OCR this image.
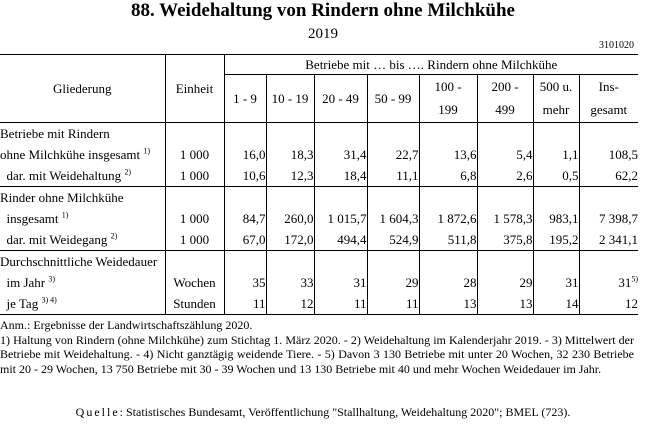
88. Weidehaltung von Rindern ohne Milchkühe
2019
3101020
Gliederung	Einheit	Betriebe mit … bis …. Rindern ohne Milchkühe							
		1 - 9	10 - 19	20 - 49	50 - 99	100 -	200 -	500 u.	Ins-
						199	499	mehr	gesamt
Betriebe mit Rindern									
ohne Milchkühe insgesamt $^{1)}$	1 000	16,0	18,3	31,4	22,7	13,6	5,4	1,1	108,5
dar. mit Weidehaltung $^{2)}$	1 000	10,6	12,3	18,4	11,1	6,8	2,6	0,5	62,2
Rinder ohne Milchkühe									
insgesamt $^{1)}$	1 000	84,7	260,0	1 015,7	1 604,3	1 872,6	1 578,3	983,1	7 398,7
dar. mit Weidegang $^{2)}$	1 000	67,0	172,0	494,4	524,9	511,8	375,8	195,2	2 341,1
Durchschnittliche Weidedauer									
im Jahr $^{3)}$	Wochen	35	33	31	29	28	29	31	31$^{5)}$
je Tag $^{3) 4)}$	Stunden	11	12	11	11	13	13	14	12

Anm.: Ergebnisse der Landwirtschaftszählung 2020.

1) Haltung von Rindern (ohne Milchkühe) zum Stichtag 1. März 2020. - 2) Weidehaltung im Kalenderjahr 2019. - 3) Mittelwert der Betriebe mit Weidehaltung. - 4) Nicht ganztägig weidende Tiere. - 5) Davon 3 130 Betriebe mit unter 20 Wochen, 32 230 Betriebe mit 20 - 29 Wochen, 13 750 Betriebe mit 30 - 39 Wochen und 13 130 Betriebe mit 40 und mehr Wochen Weidedauer im Jahr.

Quelle: Statistisches Bundesamt, Veröffentlichung "Stallhaltung, Weidehaltung 2020"; BMEL (723).
